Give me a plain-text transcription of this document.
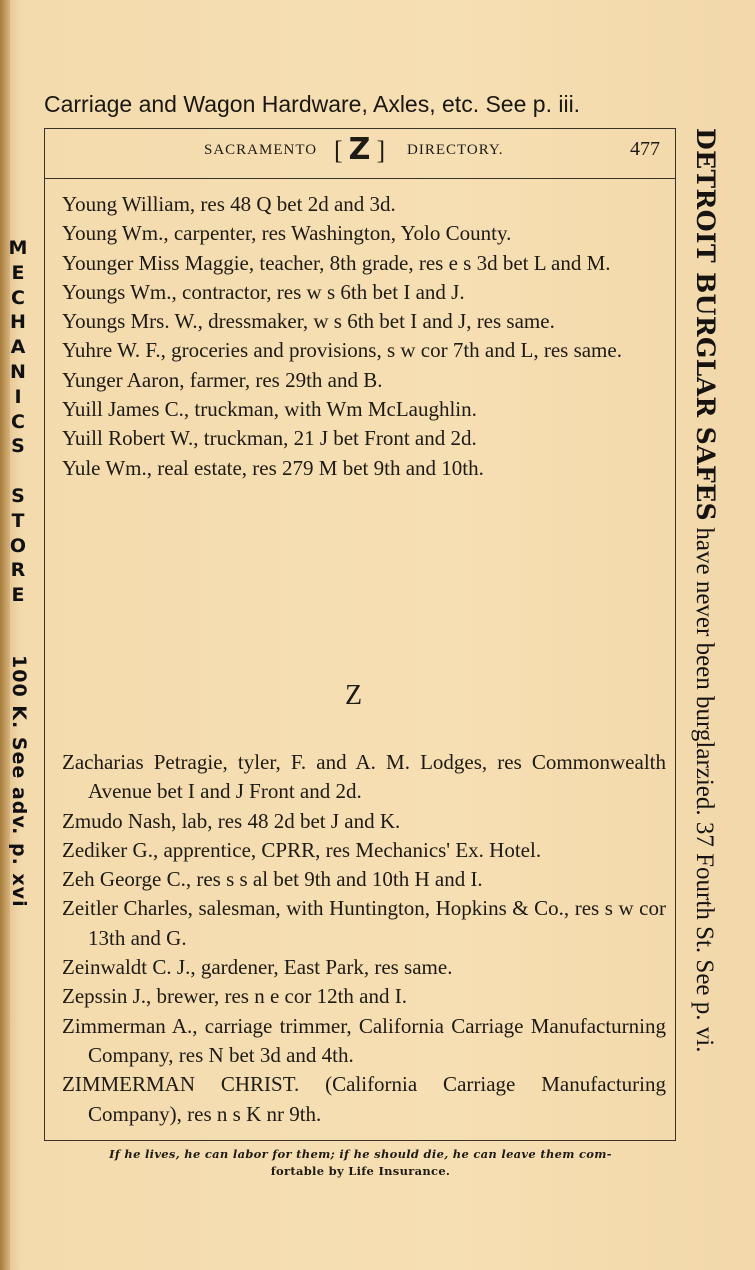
Carriage and Wagon Hardware, Axles, etc. See p. iii.
SACRAMENTO [ Z ] DIRECTORY.	477
Young William, res 48 Q bet 2d and 3d.
Young Wm., carpenter, res Washington, Yolo County.
Younger Miss Maggie, teacher, 8th grade, res e s 3d bet L and M.
Youngs Wm., contractor, res w s 6th bet I and J.
Youngs Mrs. W., dressmaker, w s 6th bet I and J, res same.
Yuhre W. F., groceries and provisions, s w cor 7th and L, res same.
Yunger Aaron, farmer, res 29th and B.
Yuill James C., truckman, with Wm McLaughlin.
Yuill Robert W., truckman, 21 J bet Front and 2d.
Yule Wm., real estate, res 279 M bet 9th and 10th.
Z
Zacharias Petragie, tyler, F. and A. M. Lodges, res Commonwealth Avenue bet I and J Front and 2d.
Zmudo Nash, lab, res 48 2d bet J and K.
Zediker G., apprentice, CPRR, res Mechanics' Ex. Hotel.
Zeh George C., res s s al bet 9th and 10th H and I.
Zeitler Charles, salesman, with Huntington, Hopkins & Co., res s w cor 13th and G.
Zeinwaldt C. J., gardener, East Park, res same.
Zepssin J., brewer, res n e cor 12th and I.
Zimmerman A., carriage trimmer, California Carriage Manufacturning Company, res N bet 3d and 4th.
ZIMMERMAN CHRIST. (California Carriage Manufacturing Company), res n s K nr 9th.
If he lives, he can labor for them; if he should die, he can leave them com-
fortable by Life Insurance.
M
E
C
H
A
N
I
C
S

S
T
O
R
E
100 K. See adv. p. xvi
DETROIT BURGLAR SAFES have never been burglarzied. 37 Fourth St. See p. vi.
